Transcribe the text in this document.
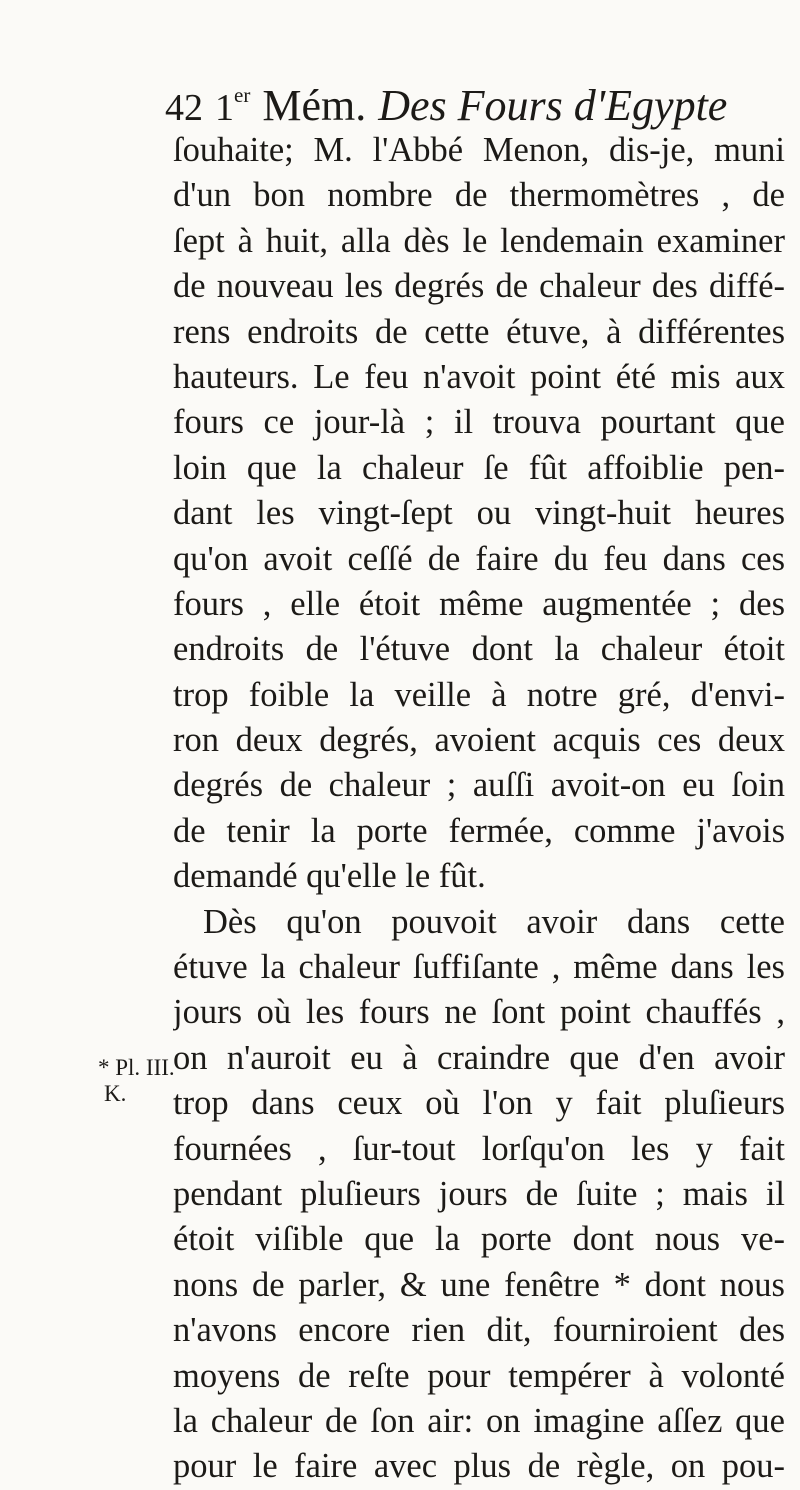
42 1er Mém. Des Fours d'Egypte
ſouhaite; M. l'Abbé Menon, dis-je, muni
d'un bon nombre de thermomètres , de
ſept à huit, alla dès le lendemain examiner
de nouveau les degrés de chaleur des diffé-
rens endroits de cette étuve, à différentes
hauteurs. Le feu n'avoit point été mis aux
fours ce jour-là ; il trouva pourtant que
loin que la chaleur ſe fût affoiblie pen-
dant les vingt-ſept ou vingt-huit heures
qu'on avoit ceſſé de faire du feu dans ces
fours , elle étoit même augmentée ; des
endroits de l'étuve dont la chaleur étoit
trop foible la veille à notre gré, d'envi-
ron deux degrés, avoient acquis ces deux
degrés de chaleur ; auſſi avoit-on eu ſoin
de tenir la porte fermée, comme j'avois
demandé qu'elle le fût.
Dès qu'on pouvoit avoir dans cette
étuve la chaleur ſuffiſante , même dans les
jours où les fours ne ſont point chauffés ,
on n'auroit eu à craindre que d'en avoir
trop dans ceux où l'on y fait pluſieurs
fournées , ſur-tout lorſqu'on les y fait
pendant pluſieurs jours de ſuite ; mais il
étoit viſible que la porte dont nous ve-
nons de parler, & une fenêtre * dont nous
n'avons encore rien dit, fourniroient des
moyens de reſte pour tempérer à volonté
la chaleur de ſon air: on imagine aſſez que
pour le faire avec plus de règle, on pou-
* Pl. III.
K.
